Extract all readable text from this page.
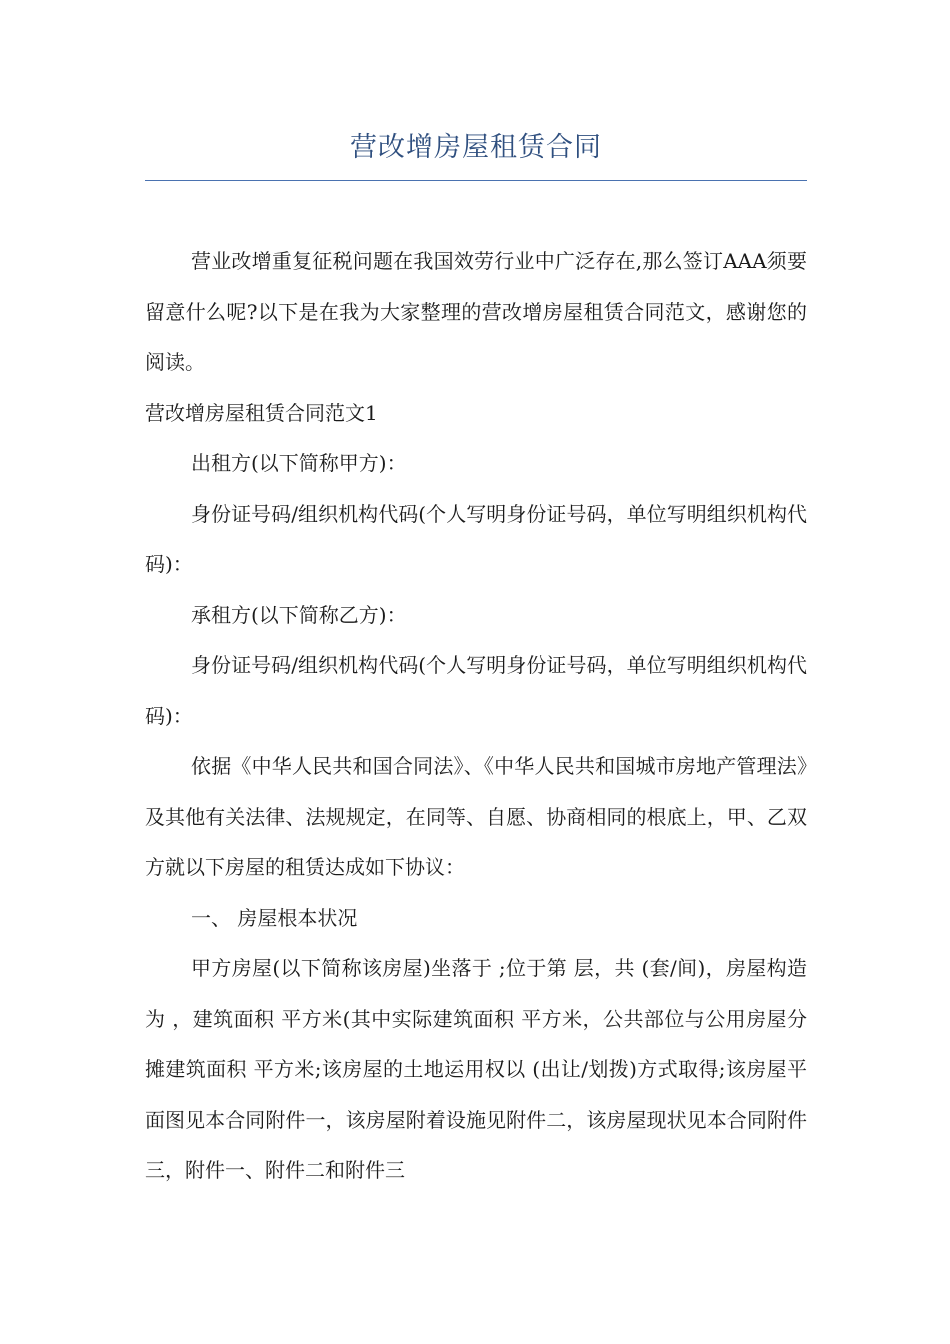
营改增房屋租赁合同

营业改增重复征税问题在我国效劳行业中广泛存在,那么签订AAA须要留意什么呢?以下是在我为大家整理的营改增房屋租赁合同范文，感谢您的阅读。

营改增房屋租赁合同范文1

出租方(以下简称甲方)：

身份证号码/组织机构代码(个人写明身份证号码，单位写明组织机构代码)：

承租方(以下简称乙方)：

身份证号码/组织机构代码(个人写明身份证号码，单位写明组织机构代码)：

依据《中华人民共和国合同法》、《中华人民共和国城市房地产管理法》及其他有关法律、法规规定，在同等、自愿、协商相同的根底上，甲、乙双方就以下房屋的租赁达成如下协议：

一、 房屋根本状况

甲方房屋(以下简称该房屋)坐落于 ;位于第 层，共 (套/间)，房屋构造为 ，建筑面积 平方米(其中实际建筑面积 平方米，公共部位与公用房屋分摊建筑面积 平方米;该房屋的土地运用权以 (出让/划拨)方式取得;该房屋平面图见本合同附件一，该房屋附着设施见附件二，该房屋现状见本合同附件三，附件一、附件二和附件三
